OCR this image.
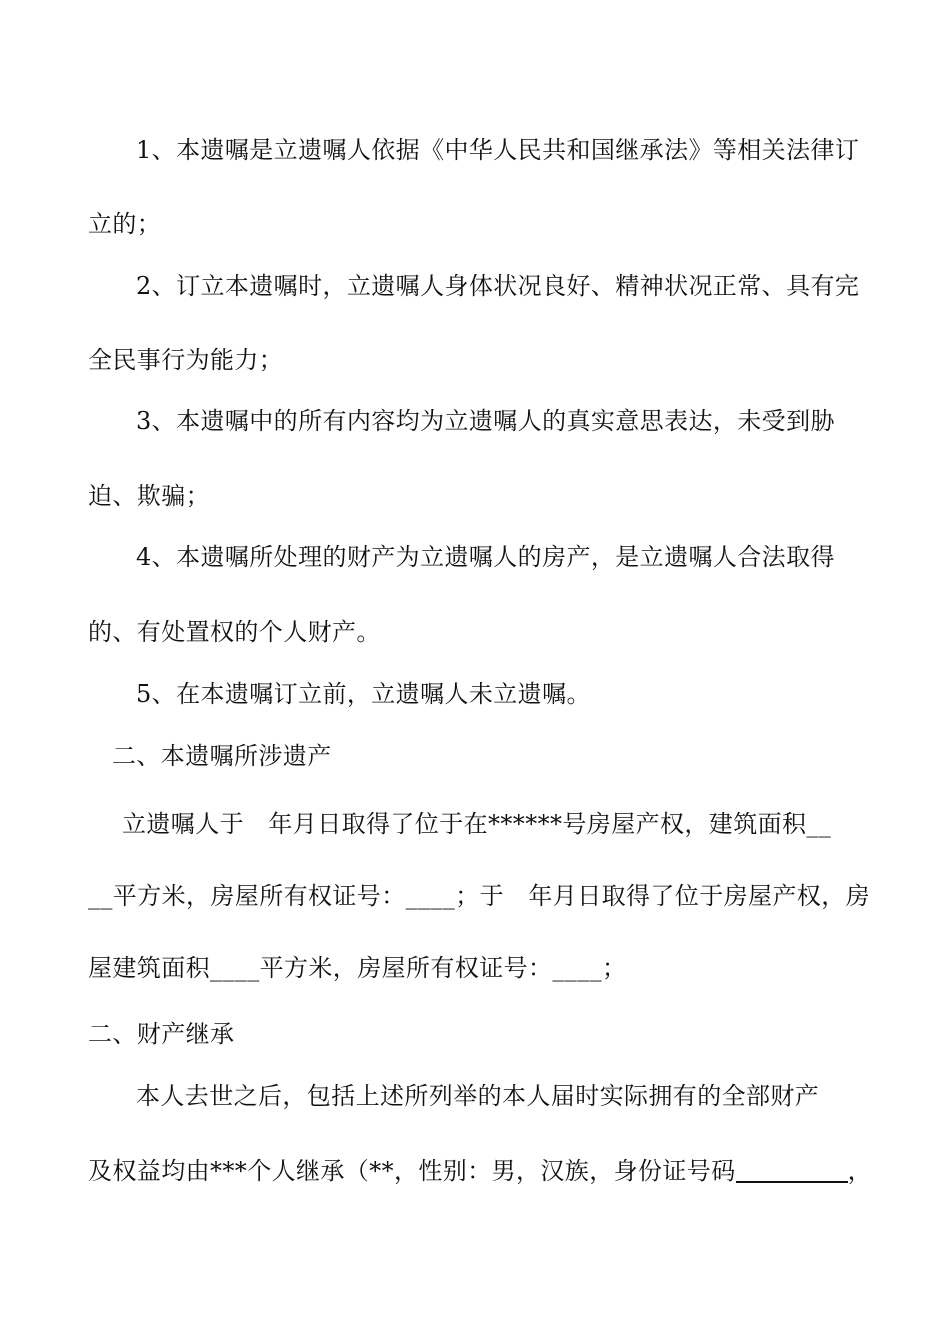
1、本遗嘱是立遗嘱人依据《中华人民共和国继承法》等相关法律订
立的；
2、订立本遗嘱时，立遗嘱人身体状况良好、精神状况正常、具有完
全民事行为能力；
3、本遗嘱中的所有内容均为立遗嘱人的真实意思表达，未受到胁
迫、欺骗；
4、本遗嘱所处理的财产为立遗嘱人的房产，是立遗嘱人合法取得
的、有处置权的个人财产。
5、在本遗嘱订立前，立遗嘱人未立遗嘱。
二、本遗嘱所涉遗产
立遗嘱人于　年月日取得了位于在******号房屋产权，建筑面积__
__平方米，房屋所有权证号：____；于　年月日取得了位于房屋产权，房
屋建筑面积____平方米，房屋所有权证号：____；
二、财产继承
本人去世之后，包括上述所列举的本人届时实际拥有的全部财产
及权益均由***个人继承（**，性别：男，汉族，身份证号码	，
